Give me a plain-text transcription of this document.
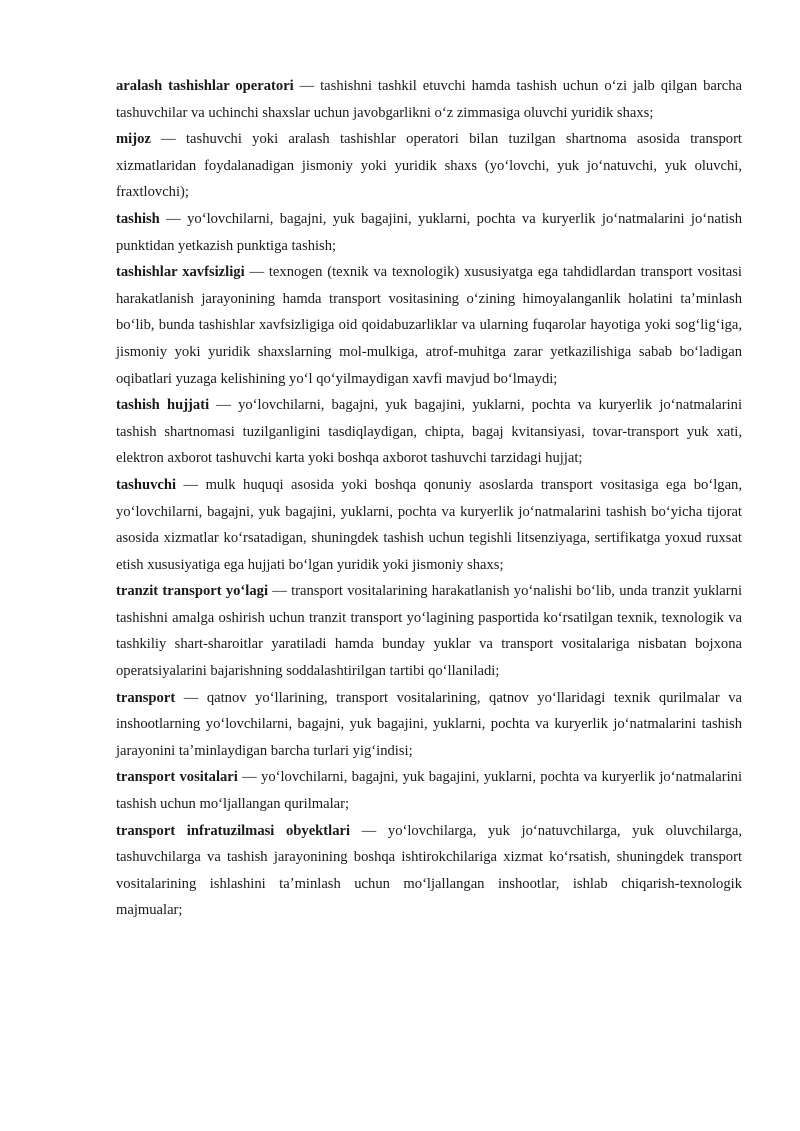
aralash tashishlar operatori — tashishni tashkil etuvchi hamda tashish uchun oʻzi jalb qilgan barcha tashuvchilar va uchinchi shaxslar uchun javobgarlikni oʻz zimmasiga oluvchi yuridik shaxs;

mijoz — tashuvchi yoki aralash tashishlar operatori bilan tuzilgan shartnoma asosida transport xizmatlaridan foydalanadigan jismoniy yoki yuridik shaxs (yoʻlovchi, yuk joʻnatuvchi, yuk oluvchi, fraxtlovchi);

tashish — yoʻlovchilarni, bagajni, yuk bagajini, yuklarni, pochta va kuryerlik joʻnatmalarini joʻnatish punktidan yetkazish punktiga tashish;

tashishlar xavfsizligi — texnogen (texnik va texnologik) xususiyatga ega tahdidlardan transport vositasi harakatlanish jarayonining hamda transport vositasining oʻzining himoyalanganlik holatini taʼminlash boʻlib, bunda tashishlar xavfsizligiga oid qoidabuzarliklar va ularning fuqarolar hayotiga yoki sogʻligʻiga, jismoniy yoki yuridik shaxslarning mol-mulkiga, atrof-muhitga zarar yetkazilishiga sabab boʻladigan oqibatlari yuzaga kelishining yoʻl qoʻyilmaydigan xavfi mavjud boʻlmaydi;

tashish hujjati — yoʻlovchilarni, bagajni, yuk bagajini, yuklarni, pochta va kuryerlik joʻnatmalarini tashish shartnomasi tuzilganligini tasdiqlaydigan, chipta, bagaj kvitansiyasi, tovar-transport yuk xati, elektron axborot tashuvchi karta yoki boshqa axborot tashuvchi tarzidagi hujjat;

tashuvchi — mulk huquqi asosida yoki boshqa qonuniy asoslarda transport vositasiga ega boʻlgan, yoʻlovchilarni, bagajni, yuk bagajini, yuklarni, pochta va kuryerlik joʻnatmalarini tashish boʻyicha tijorat asosida xizmatlar koʻrsatadigan, shuningdek tashish uchun tegishli litsenziyaga, sertifikatga yoxud ruxsat etish xususiyatiga ega hujjati boʻlgan yuridik yoki jismoniy shaxs;

tranzit transport yoʻlagi — transport vositalarining harakatlanish yoʻnalishi boʻlib, unda tranzit yuklarni tashishni amalga oshirish uchun tranzit transport yoʻlagining pasportida koʻrsatilgan texnik, texnologik va tashkiliy shart-sharoitlar yaratiladi hamda bunday yuklar va transport vositalariga nisbatan bojxona operatsiyalarini bajarishning soddalashtirilgan tartibi qoʻllaniladi;

transport — qatnov yoʻllarining, transport vositalarining, qatnov yoʻllaridagi texnik qurilmalar va inshootlarning yoʻlovchilarni, bagajni, yuk bagajini, yuklarni, pochta va kuryerlik joʻnatmalarini tashish jarayonini taʼminlaydigan barcha turlari yigʻindisi;

transport vositalari — yoʻlovchilarni, bagajni, yuk bagajini, yuklarni, pochta va kuryerlik joʻnatmalarini tashish uchun moʻljallangan qurilmalar;

transport infratuzilmasi obyektlari — yoʻlovchilarga, yuk joʻnatuvchilarga, yuk oluvchilarga, tashuvchilarga va tashish jarayonining boshqa ishtirokchilariga xizmat koʻrsatish, shuningdek transport vositalarining ishlashini taʼminlash uchun moʻljallangan inshootlar, ishlab chiqarish-texnologik majmualar;
